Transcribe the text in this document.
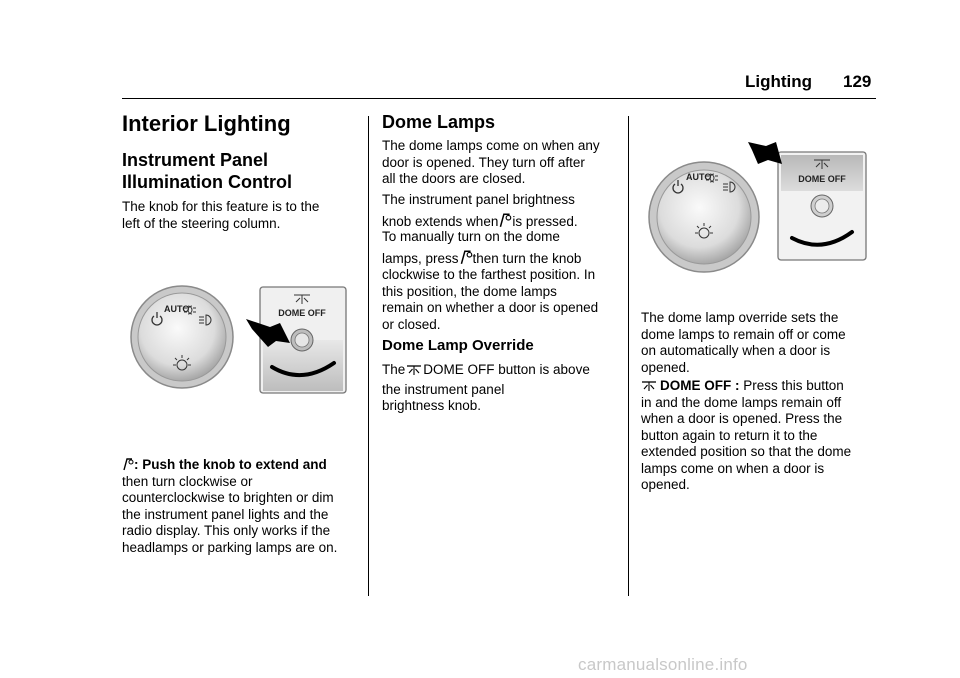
Lighting 129
Interior Lighting
Instrument Panel
Illumination Control
The knob for this feature is to the
left of the steering column.
AUTO	DOME OFF
: Push the knob to extend and
then turn clockwise or
counterclockwise to brighten or dim
the instrument panel lights and the
radio display. This only works if the
headlamps or parking lamps are on.
Dome Lamps
The dome lamps come on when any
door is opened. They turn off after
all the doors are closed.
The instrument panel brightness
knob extends when is pressed.
To manually turn on the dome
lamps, press then turn the knob
clockwise to the farthest position. In
this position, the dome lamps
remain on whether a door is opened
or closed.
Dome Lamp Override
The DOME OFF button is above
the instrument panel
brightness knob.
AUTO	DOME OFF
The dome lamp override sets the
dome lamps to remain off or come
on automatically when a door is
opened.
DOME OFF : Press this button
in and the dome lamps remain off
when a door is opened. Press the
button again to return it to the
extended position so that the dome
lamps come on when a door is
opened.
carmanualsonline.info
